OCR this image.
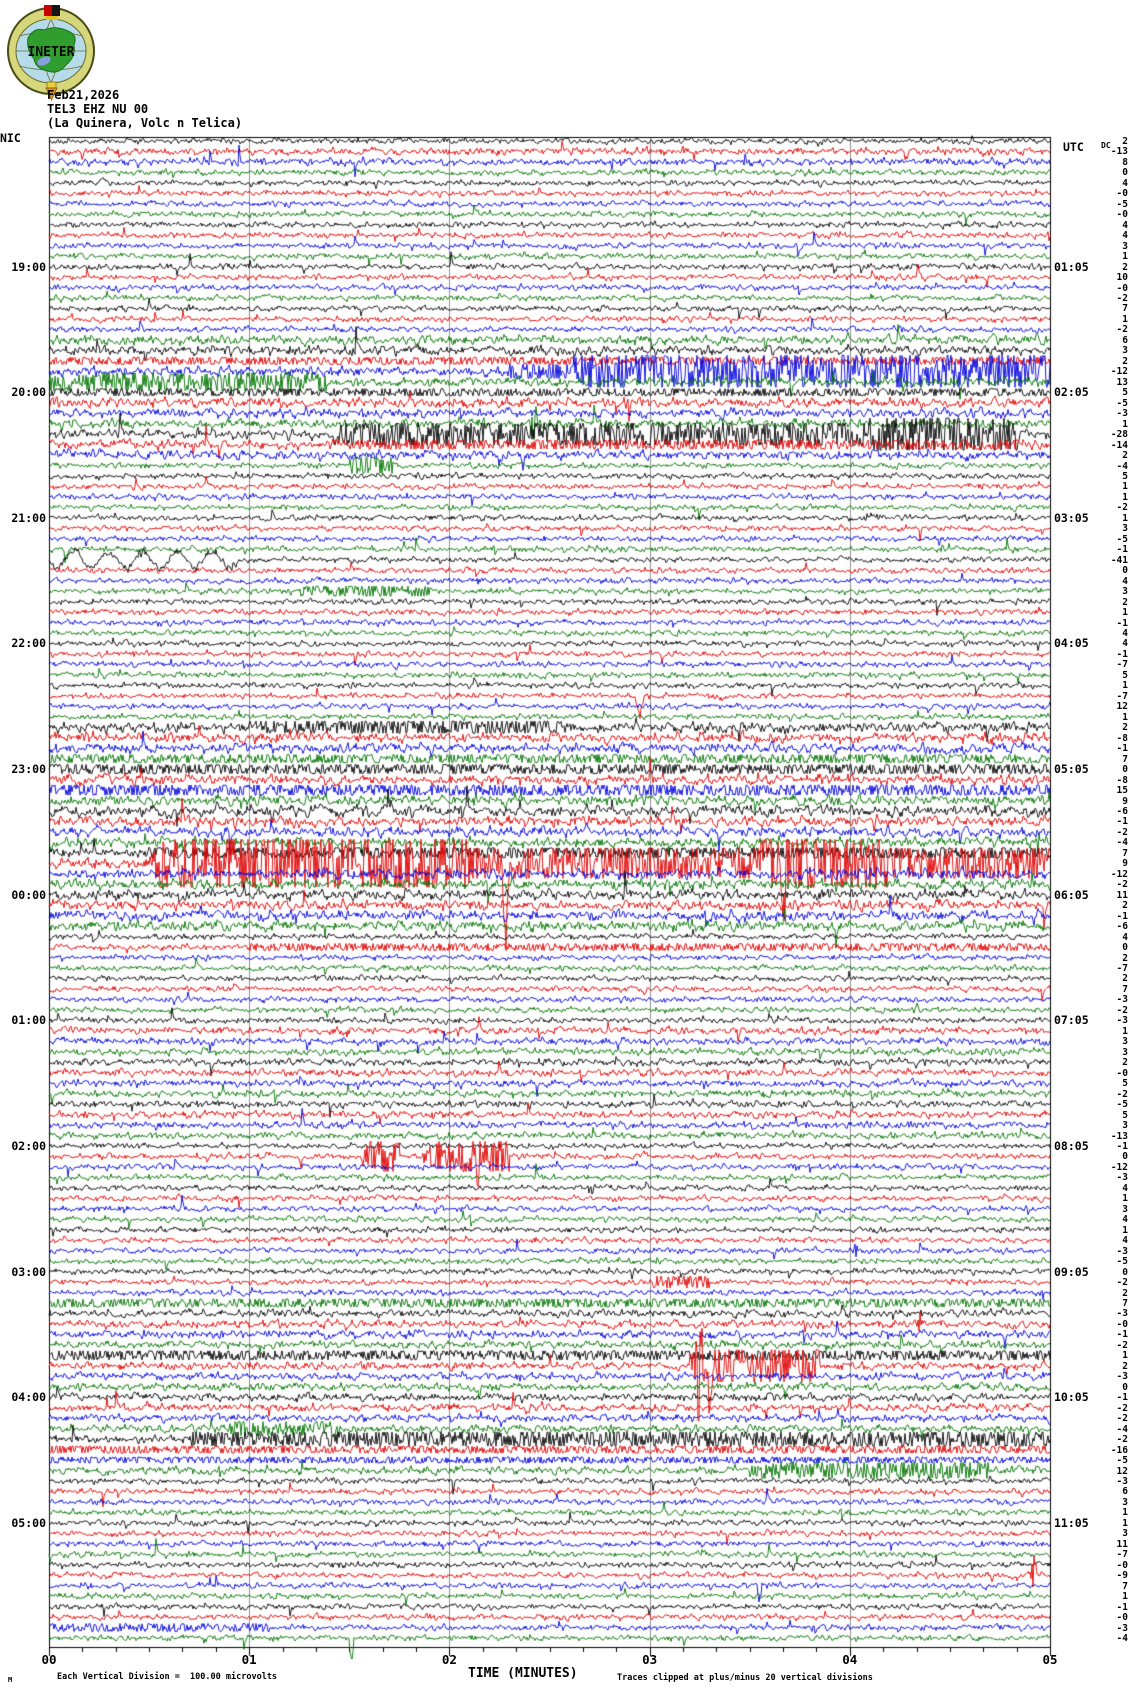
INETER
Feb21,2026
TEL3 EHZ NU 00
(La Quinera, Volc n Telica)
NIC
UTC DC
19:00
20:00
21:00
22:00
23:00
00:00
01:00
02:00
03:00
04:00
05:00
01:05
02:05
03:05
04:05
05:05
06:05
07:05
08:05
09:05
10:05
11:05
2
-13
8
0
4
-0
-5
-0
4
4
3
1
2
10
-0
-2
7
1
-2
6
3
2
-12
13
5
-5
-3
1
-28
-14
2
-4
5
1
1
-2
1
3
-5
-1
-41
0
4
3
2
1
-1
4
4
-1
-7
5
1
-7
12
1
2
-8
-1
7
0
-8
15
9
-6
-1
-2
-4
7
9
-12
-2
11
2
-1
-6
4
0
2
-7
2
7
-3
-2
-3
1
3
3
2
-0
5
-2
-5
5
3
-13
-1
0
-12
-3
4
1
3
4
1
4
-3
-5
0
-2
2
7
-3
-0
-1
-2
1
2
-3
0
-1
-2
-2
-4
-2
-16
-5
12
-3
6
3
1
1
3
11
-7
-0
-9
7
1
-1
-0
-3
-4
00	01	02	03	04	05
TIME (MINUTES)
M	Each Vertical Division =  100.00 microvolts	Traces clipped at plus/minus 20 vertical divisions
